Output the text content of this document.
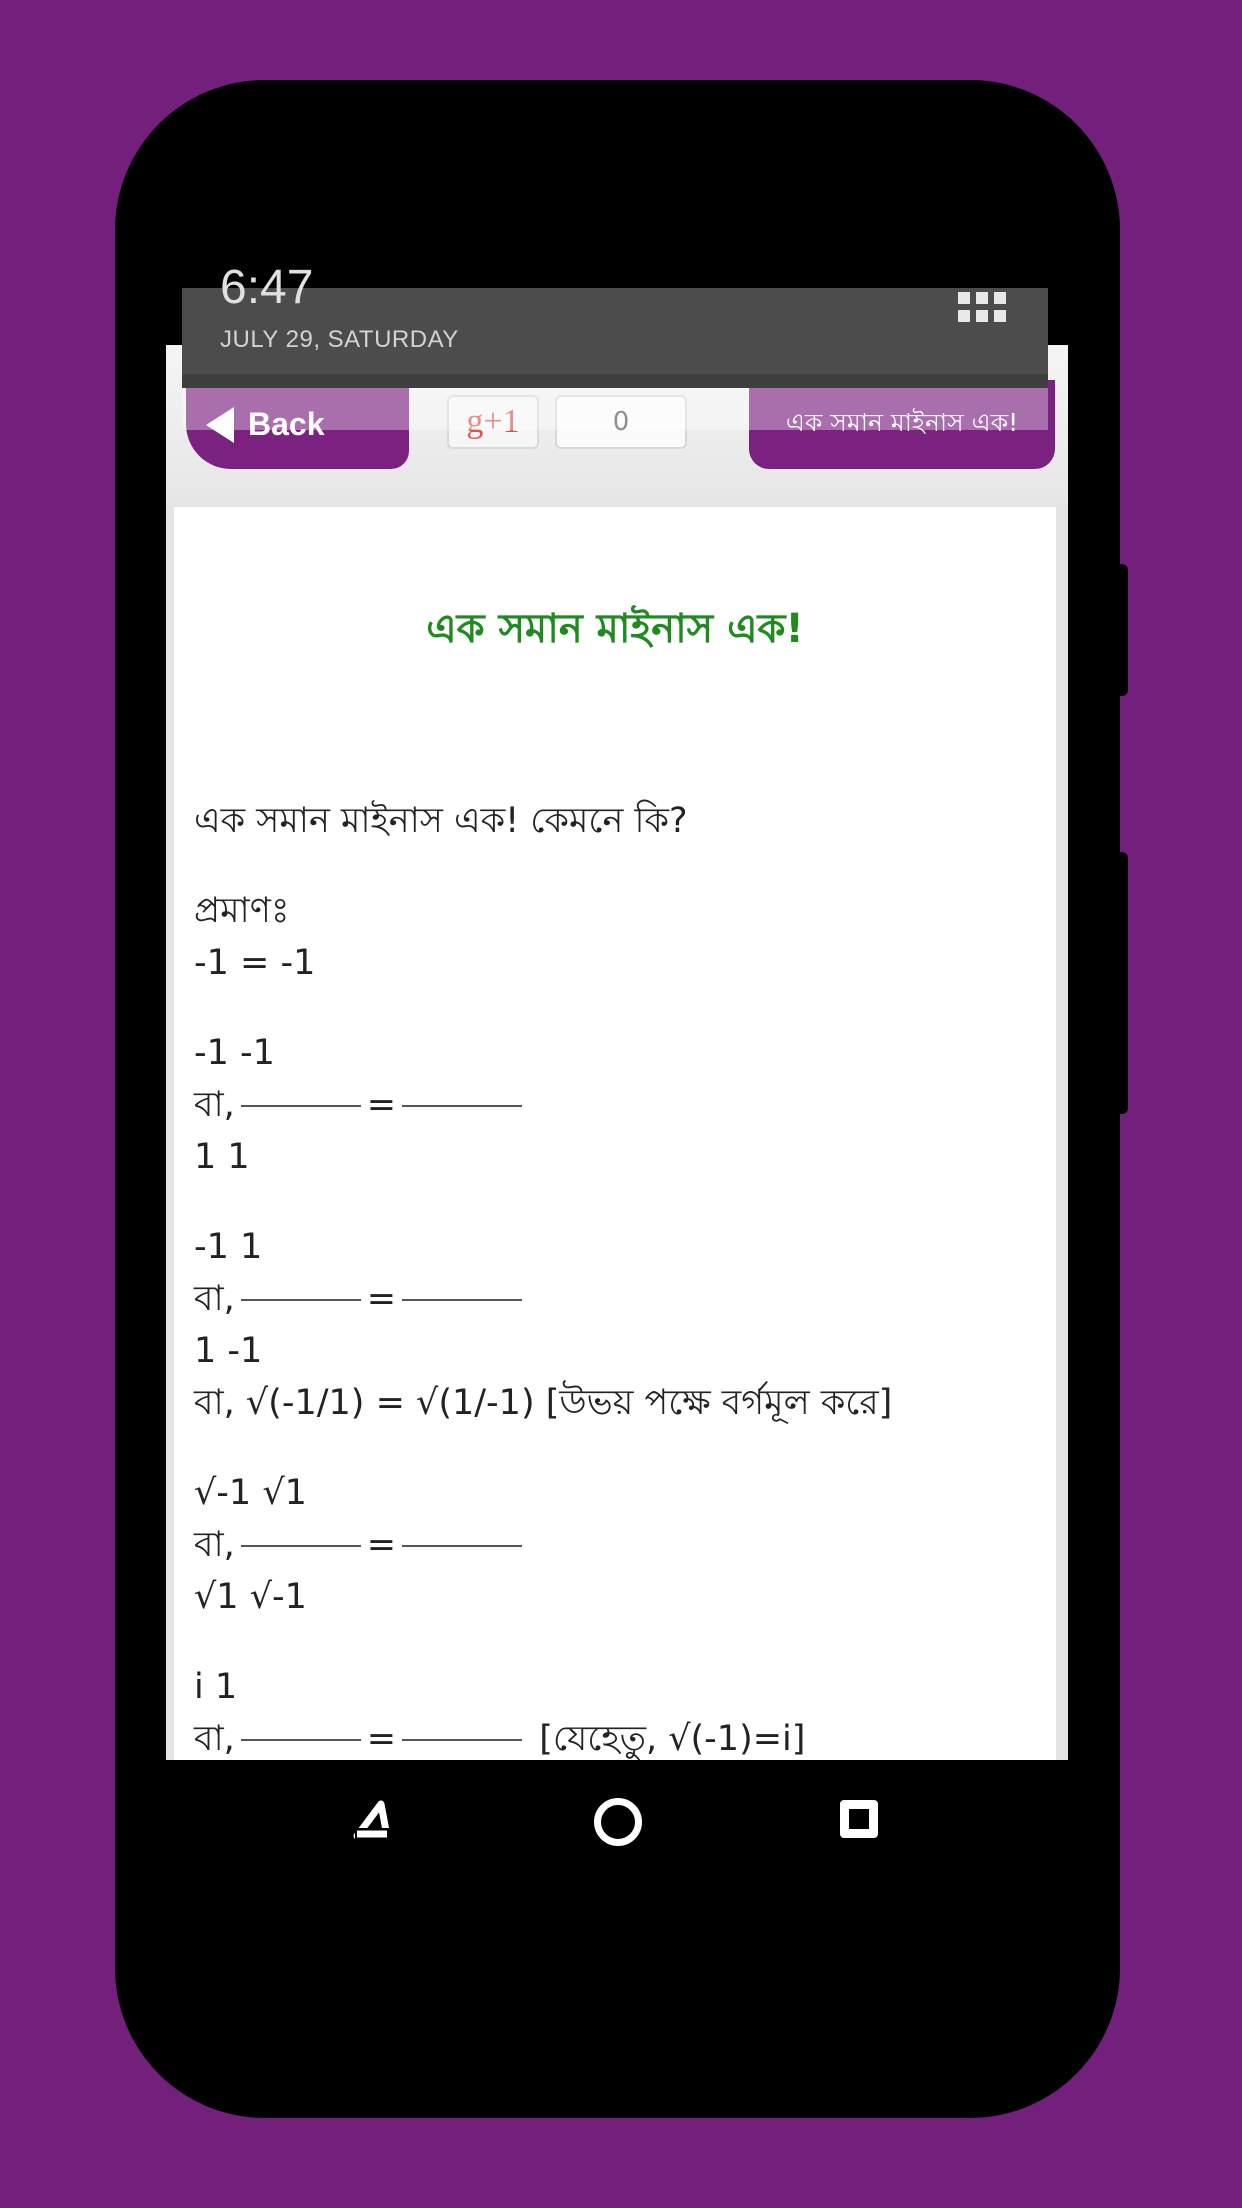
Back	g+1	0	এক সমান মাইনাস এক!
এক সমান মাইনাস এক!
এক সমান মাইনাস এক! কেমনে কি?
প্রমাণঃ
-1 = -1
-1 -1
বা,	=
1 1
-1 1
বা,	=
1 -1
বা, √(-1/1) = √(1/-1) [উভয় পক্ষে বর্গমূল করে]
√-1 √1
বা,	=
√1 √-1
i 1
বা,	=	[যেহেতু, √(-1)=i]
6:47
JULY 29, SATURDAY
